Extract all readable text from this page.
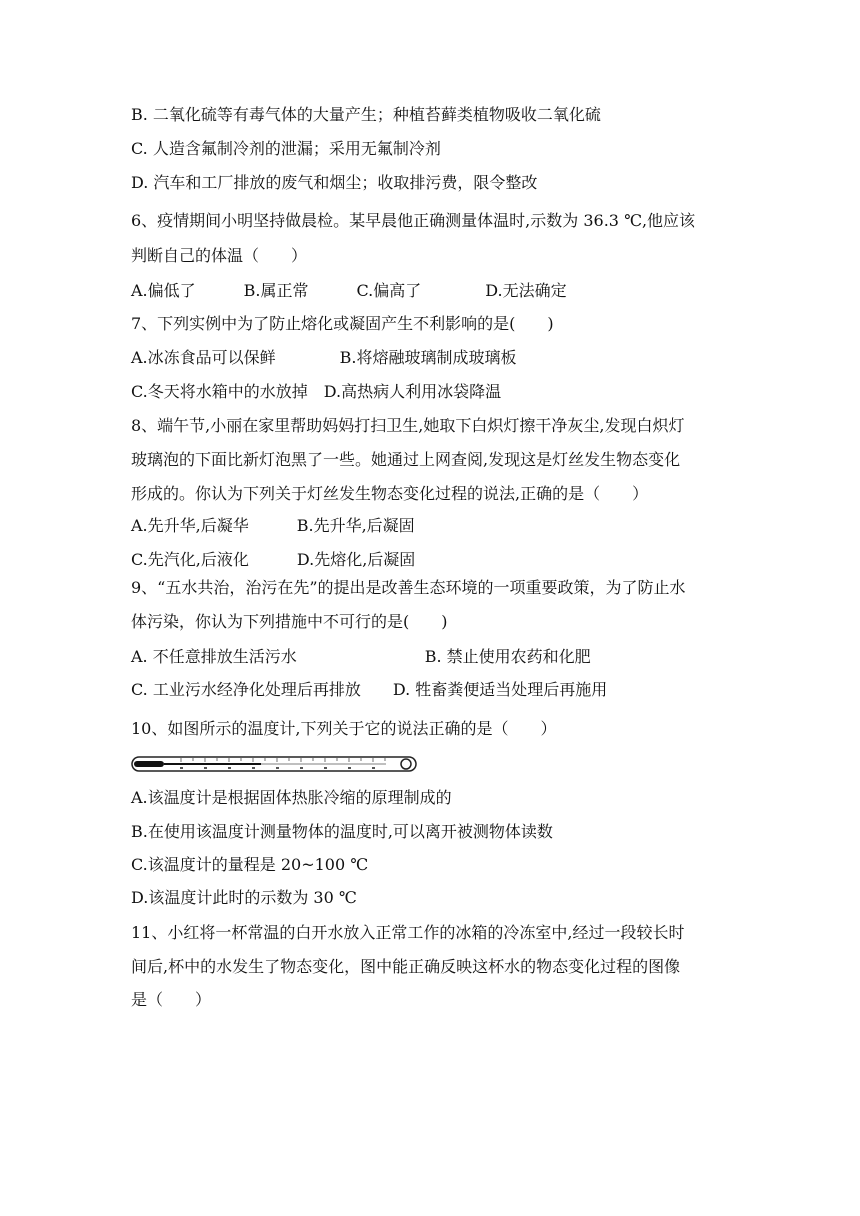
B. 二氧化硫等有毒气体的大量产生；种植苔藓类植物吸收二氧化硫
C. 人造含氟制冷剂的泄漏；采用无氟制冷剂
D. 汽车和工厂排放的废气和烟尘；收取排污费，限令整改
6、疫情期间小明坚持做晨检。某早晨他正确测量体温时,示数为 36.3 ℃,他应该
判断自己的体温（　　）
A.偏低了　　　B.属正常　　　C.偏高了　　　　D.无法确定
7、下列实例中为了防止熔化或凝固产生不利影响的是(　　)
A.冰冻食品可以保鲜　　　　B.将熔融玻璃制成玻璃板
C.冬天将水箱中的水放掉　D.高热病人利用冰袋降温
8、端午节,小丽在家里帮助妈妈打扫卫生,她取下白炽灯擦干净灰尘,发现白炽灯
玻璃泡的下面比新灯泡黑了一些。她通过上网查阅,发现这是灯丝发生物态变化
形成的。你认为下列关于灯丝发生物态变化过程的说法,正确的是（　　）
A.先升华,后凝华　　　B.先升华,后凝固
C.先汽化,后液化　　　D.先熔化,后凝固
9、“五水共治，治污在先”的提出是改善生态环境的一项重要政策，为了防止水
体污染，你认为下列措施中不可行的是(　　)
A. 不任意排放生活污水　　　　　　　　B. 禁止使用农药和化肥
C. 工业污水经净化处理后再排放　　D. 牲畜粪便适当处理后再施用
10、如图所示的温度计,下列关于它的说法正确的是（　　）
A.该温度计是根据固体热胀冷缩的原理制成的
B.在使用该温度计测量物体的温度时,可以离开被测物体读数
C.该温度计的量程是 20~100 ℃
D.该温度计此时的示数为 30 ℃
11、小红将一杯常温的白开水放入正常工作的冰箱的冷冻室中,经过一段较长时
间后,杯中的水发生了物态变化，图中能正确反映这杯水的物态变化过程的图像
是（　　）
